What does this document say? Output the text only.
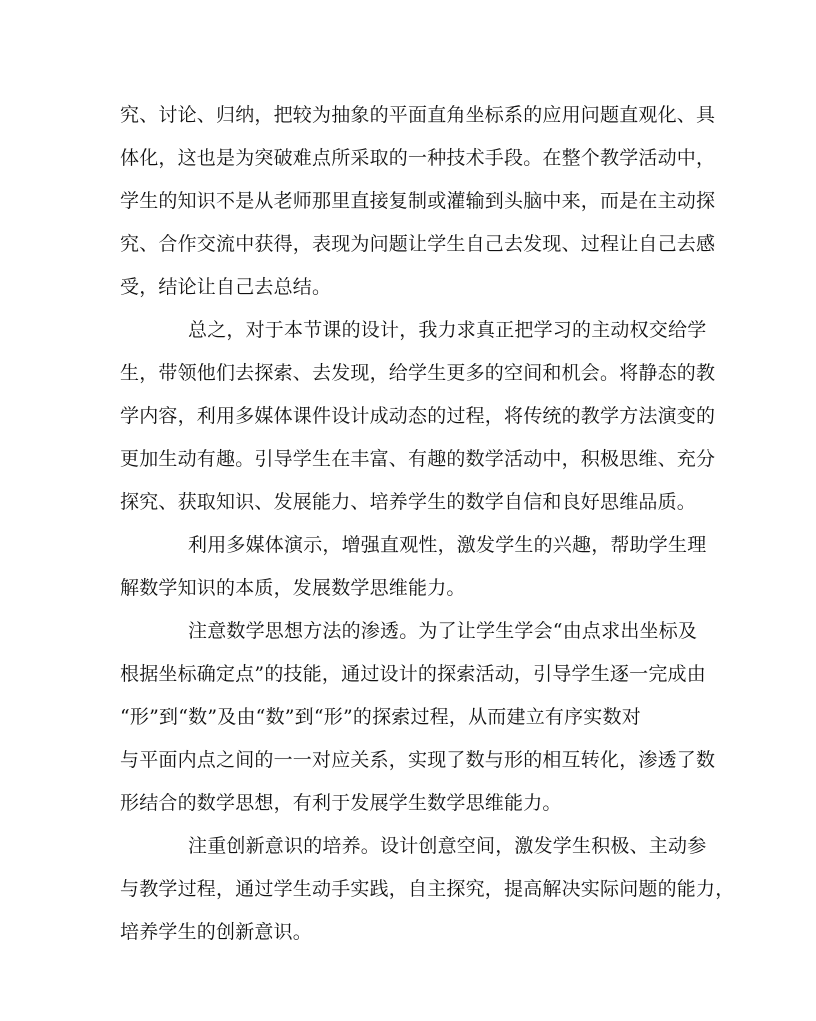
究、讨论、归纳，把较为抽象的平面直角坐标系的应用问题直观化、具
体化，这也是为突破难点所采取的一种技术手段。在整个教学活动中，
学生的知识不是从老师那里直接复制或灌输到头脑中来，而是在主动探
究、合作交流中获得，表现为问题让学生自己去发现、过程让自己去感
受，结论让自己去总结。
总之，对于本节课的设计，我力求真正把学习的主动权交给学
生，带领他们去探索、去发现，给学生更多的空间和机会。将静态的教
学内容，利用多媒体课件设计成动态的过程，将传统的教学方法演变的
更加生动有趣。引导学生在丰富、有趣的数学活动中，积极思维、充分
探究、获取知识、发展能力、培养学生的数学自信和良好思维品质。
利用多媒体演示，增强直观性，激发学生的兴趣，帮助学生理
解数学知识的本质，发展数学思维能力。
注意数学思想方法的渗透。为了让学生学会“由点求出坐标及
根据坐标确定点”的技能，通过设计的探索活动，引导学生逐一完成由
“形”到“数”及由“数”到“形”的探索过程，从而建立有序实数对
与平面内点之间的一一对应关系，实现了数与形的相互转化，渗透了数
形结合的数学思想，有利于发展学生数学思维能力。
注重创新意识的培养。设计创意空间，激发学生积极、主动参
与教学过程，通过学生动手实践，自主探究，提高解决实际问题的能力，
培养学生的创新意识。
